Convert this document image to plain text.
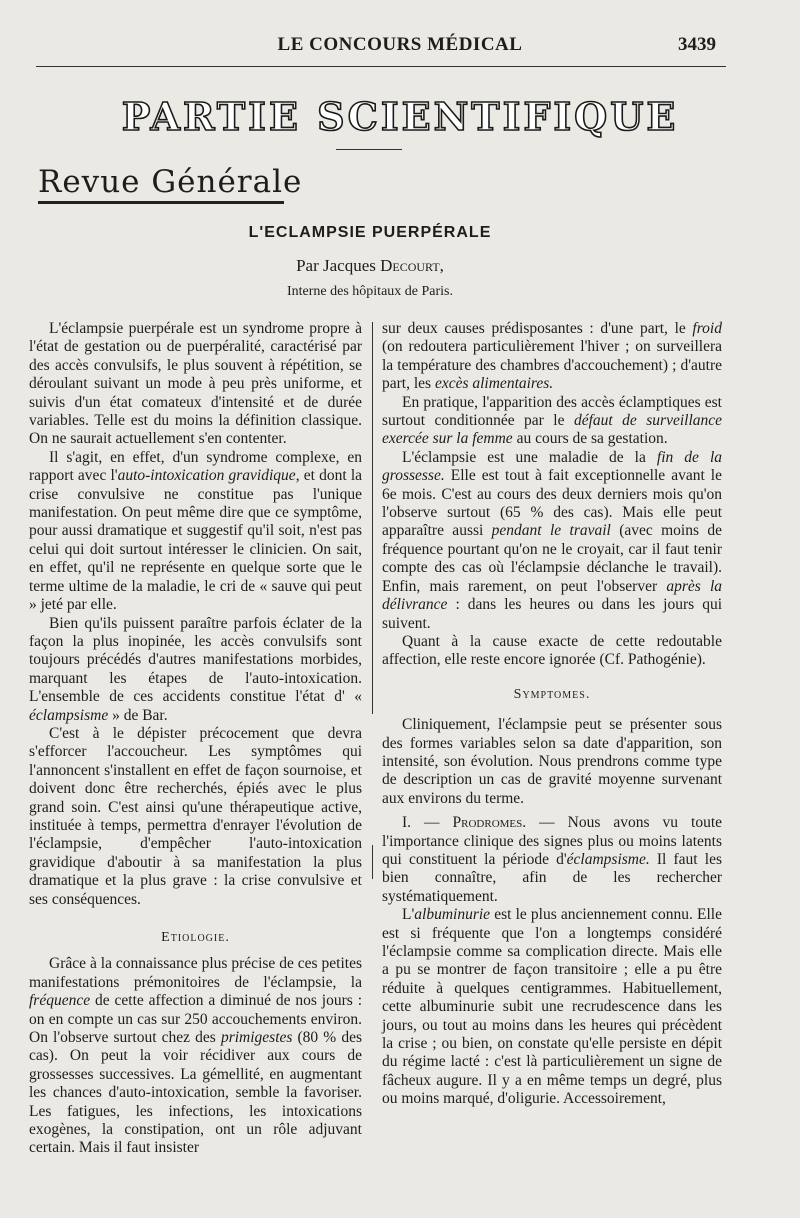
LE CONCOURS MÉDICAL	3439
PARTIE SCIENTIFIQUE
Revue Générale
L'ECLAMPSIE PUERPÉRALE
Par Jacques Decourt,
Interne des hôpitaux de Paris.

L'éclampsie puerpérale est un syndrome propre à l'état de gestation ou de puerpéralité, caractérisé par des accès convulsifs, le plus souvent à répétition, se déroulant suivant un mode à peu près uniforme, et suivis d'un état comateux d'intensité et de durée variables. Telle est du moins la définition classique. On ne saurait actuellement s'en contenter.

Il s'agit, en effet, d'un syndrome complexe, en rapport avec l'auto-intoxication gravidique, et dont la crise convulsive ne constitue pas l'unique manifestation. On peut même dire que ce symptôme, pour aussi dramatique et suggestif qu'il soit, n'est pas celui qui doit surtout intéresser le clinicien. On sait, en effet, qu'il ne représente en quelque sorte que le terme ultime de la maladie, le cri de « sauve qui peut » jeté par elle.

Bien qu'ils puissent paraître parfois éclater de la façon la plus inopinée, les accès convulsifs sont toujours précédés d'autres manifestations morbides, marquant les étapes de l'auto-intoxication. L'ensemble de ces accidents constitue l'état d' « éclampsisme » de Bar.

C'est à le dépister précocement que devra s'efforcer l'accoucheur. Les symptômes qui l'annoncent s'installent en effet de façon sournoise, et doivent donc être recherchés, épiés avec le plus grand soin. C'est ainsi qu'une thérapeutique active, instituée à temps, permettra d'enrayer l'évolution de l'éclampsie, d'empêcher l'auto-intoxication gravidique d'aboutir à sa manifestation la plus dramatique et la plus grave : la crise convulsive et ses conséquences.

Etiologie.

Grâce à la connaissance plus précise de ces petites manifestations prémonitoires de l'éclampsie, la fréquence de cette affection a diminué de nos jours : on en compte un cas sur 250 accouchements environ. On l'observe surtout chez des primigestes (80 % des cas). On peut la voir récidiver aux cours de grossesses successives. La gémellité, en augmentant les chances d'auto-intoxication, semble la favoriser. Les fatigues, les infections, les intoxications exogènes, la constipation, ont un rôle adjuvant certain. Mais il faut insister

sur deux causes prédisposantes : d'une part, le froid (on redoutera particulièrement l'hiver ; on surveillera la température des chambres d'accouchement) ; d'autre part, les excès alimentaires.

En pratique, l'apparition des accès éclamptiques est surtout conditionnée par le défaut de surveillance exercée sur la femme au cours de sa gestation.

L'éclampsie est une maladie de la fin de la grossesse. Elle est tout à fait exceptionnelle avant le 6e mois. C'est au cours des deux derniers mois qu'on l'observe surtout (65 % des cas). Mais elle peut apparaître aussi pendant le travail (avec moins de fréquence pourtant qu'on ne le croyait, car il faut tenir compte des cas où l'éclampsie déclanche le travail). Enfin, mais rarement, on peut l'observer après la délivrance : dans les heures ou dans les jours qui suivent.

Quant à la cause exacte de cette redoutable affection, elle reste encore ignorée (Cf. Pathogénie).

Symptomes.

Cliniquement, l'éclampsie peut se présenter sous des formes variables selon sa date d'apparition, son intensité, son évolution. Nous prendrons comme type de description un cas de gravité moyenne survenant aux environs du terme.

I. — Prodromes. — Nous avons vu toute l'importance clinique des signes plus ou moins latents qui constituent la période d'éclampsisme. Il faut les bien connaître, afin de les rechercher systématiquement.

L'albuminurie est le plus anciennement connu. Elle est si fréquente que l'on a longtemps considéré l'éclampsie comme sa complication directe. Mais elle a pu se montrer de façon transitoire ; elle a pu être réduite à quelques centigrammes. Habituellement, cette albuminurie subit une recrudescence dans les jours, ou tout au moins dans les heures qui précèdent la crise ; ou bien, on constate qu'elle persiste en dépit du régime lacté : c'est là particulièrement un signe de fâcheux augure. Il y a en même temps un degré, plus ou moins marqué, d'oligurie. Accessoirement,
